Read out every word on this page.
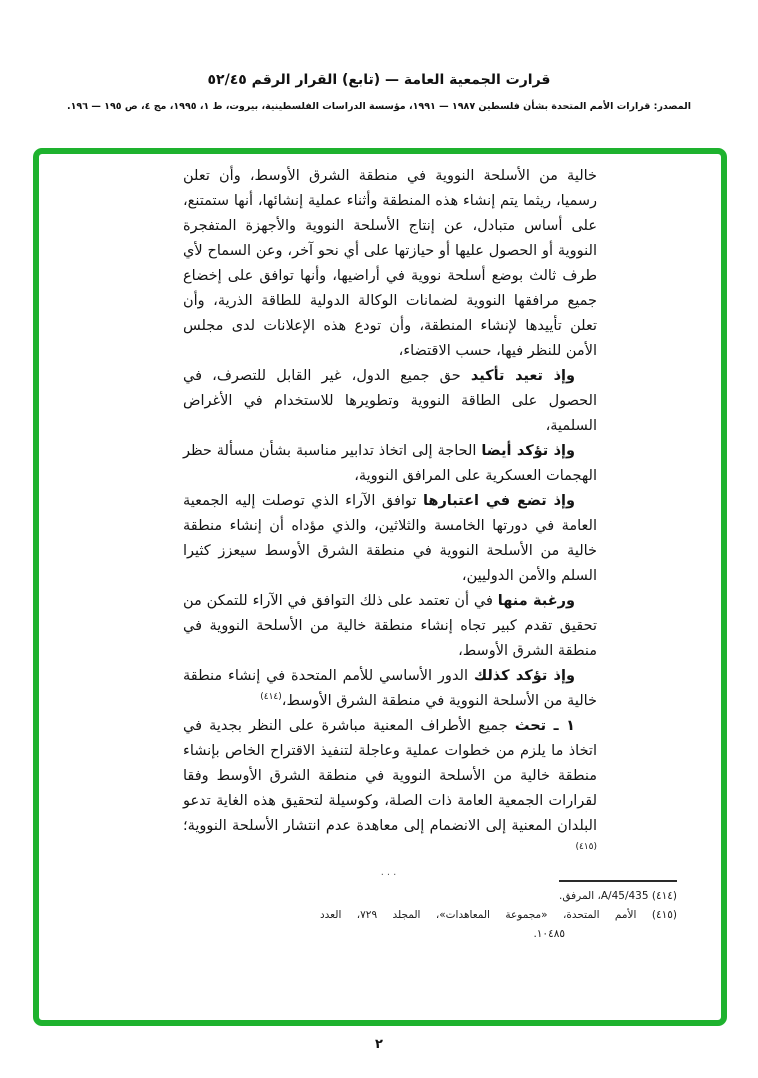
قرارت الجمعية العامة — (تابع) القرار الرقم ٥٢/٤٥
المصدر: قرارات الأمم المتحدة بشأن فلسطين ١٩٨٧ — ١٩٩١، مؤسسة الدراسات الفلسطينية، بيروت، ط ١، ١٩٩٥، مج ٤، ص ١٩٥ — ١٩٦.

خالية من الأسلحة النووية في منطقة الشرق الأوسط، وأن تعلن رسميا، ريثما يتم إنشاء هذه المنطقة وأثناء عملية إنشائها، أنها ستمتنع، على أساس متبادل، عن إنتاج الأسلحة النووية والأجهزة المتفجرة النووية أو الحصول عليها أو حيازتها على أي نحو آخر، وعن السماح لأي طرف ثالث بوضع أسلحة نووية في أراضيها، وأنها توافق على إخضاع جميع مرافقها النووية لضمانات الوكالة الدولية للطاقة الذرية، وأن تعلن تأييدها لإنشاء المنطقة، وأن تودع هذه الإعلانات لدى مجلس الأمن للنظر فيها، حسب الاقتضاء،

وإذ تعيد تأكيد حق جميع الدول، غير القابل للتصرف، في الحصول على الطاقة النووية وتطويرها للاستخدام في الأغراض السلمية،

وإذ تؤكد أيضا الحاجة إلى اتخاذ تدابير مناسبة بشأن مسألة حظر الهجمات العسكرية على المرافق النووية،

وإذ تضع في اعتبارها توافق الآراء الذي توصلت إليه الجمعية العامة في دورتها الخامسة والثلاثين، والذي مؤداه أن إنشاء منطقة خالية من الأسلحة النووية في منطقة الشرق الأوسط سيعزز كثيرا السلم والأمن الدوليين،

ورغبة منها في أن تعتمد على ذلك التوافق في الآراء للتمكن من تحقيق تقدم كبير تجاه إنشاء منطقة خالية من الأسلحة النووية في منطقة الشرق الأوسط،

وإذ تؤكد كذلك الدور الأساسي للأمم المتحدة في إنشاء منطقة خالية من الأسلحة النووية في منطقة الشرق الأوسط،$^{(٤١٤)}$

١ ـ تحث جميع الأطراف المعنية مباشرة على النظر بجدية في اتخاذ ما يلزم من خطوات عملية وعاجلة لتنفيذ الاقتراح الخاص بإنشاء منطقة خالية من الأسلحة النووية في منطقة الشرق الأوسط وفقا لقرارات الجمعية العامة ذات الصلة، وكوسيلة لتحقيق هذه الغاية تدعو البلدان المعنية إلى الانضمام إلى معاهدة عدم انتشار الأسلحة النووية؛$^{(٤١٥)}$

...
(٤١٤) A/45/435، المرفق.
(٤١٥) الأمم المتحدة، «مجموعة المعاهدات»، المجلد ٧٢٩، العدد
١٠٤٨٥.
٢
